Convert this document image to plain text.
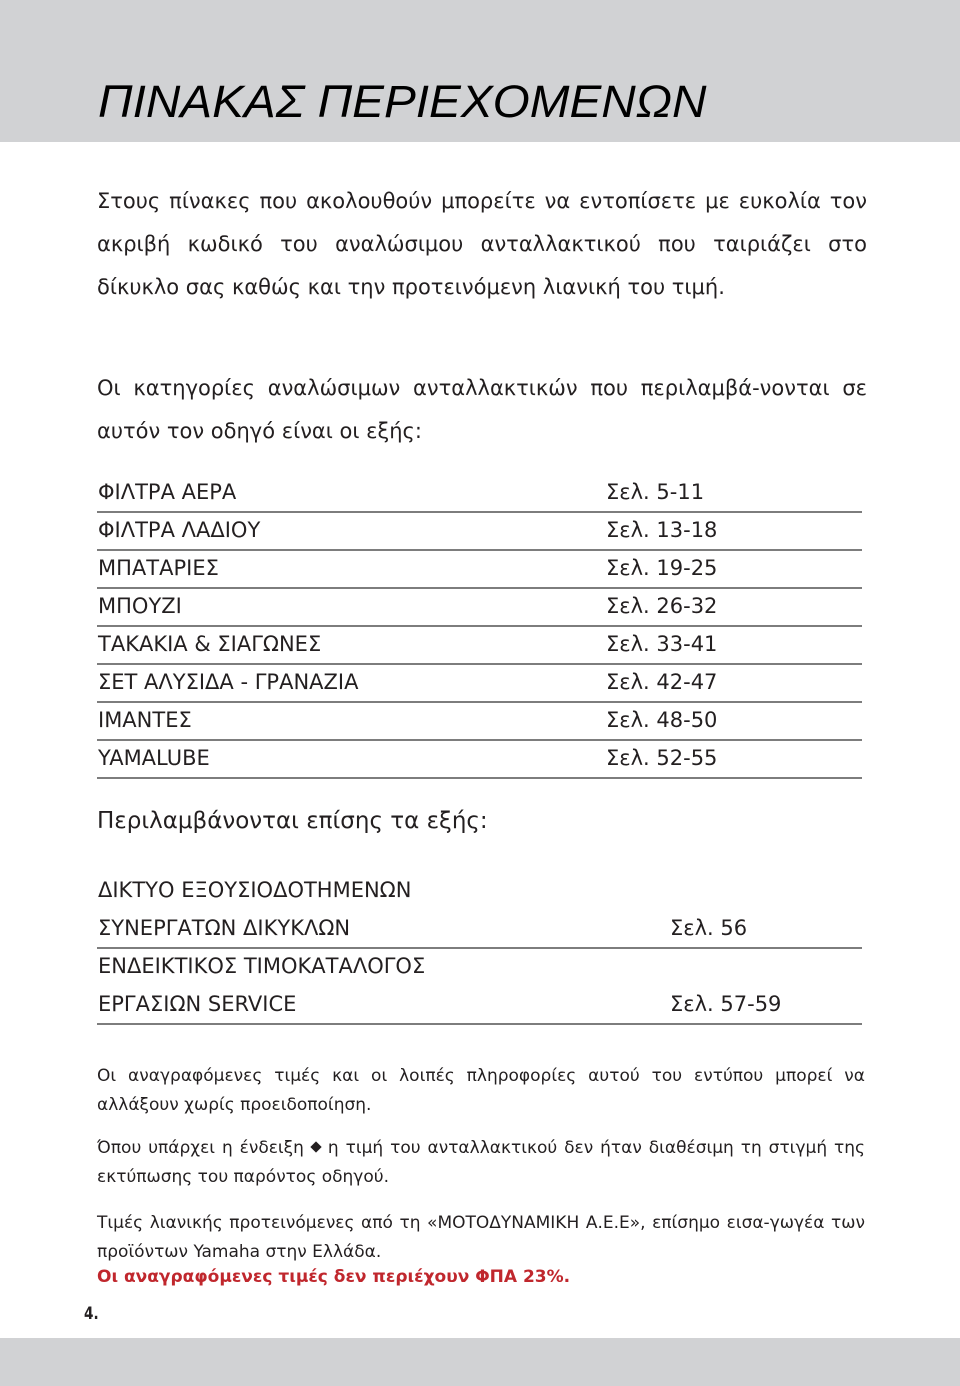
ΠΙΝΑΚΑΣ ΠΕΡΙΕΧΟΜΕΝΩΝ

Στους πίνακες που ακολουθούν μπορείτε να εντοπίσετε με ευκολία τον ακριβή κωδικό του αναλώσιμου ανταλλακτικού που ταιριάζει στο δίκυκλο σας καθώς και την προτεινόμενη λιανική του τιμή.

Οι κατηγορίες αναλώσιμων ανταλλακτικών που περιλαμβά-νονται σε αυτόν τον οδηγό είναι οι εξής:

ΦΙΛΤΡΑ ΑΕΡΑ	Σελ. 5-11
ΦΙΛΤΡΑ ΛΑΔΙΟΥ	Σελ. 13-18
ΜΠΑΤΑΡΙΕΣ	Σελ. 19-25
ΜΠΟΥΖΙ	Σελ. 26-32
ΤΑΚΑΚΙΑ & ΣΙΑΓΩΝΕΣ	Σελ. 33-41
ΣΕΤ ΑΛΥΣΙΔΑ - ΓΡΑΝΑΖΙΑ	Σελ. 42-47
ΙΜΑΝΤΕΣ	Σελ. 48-50
YAMALUBE	Σελ. 52-55
Περιλαμβάνονται επίσης τα εξής:
ΔΙΚΤΥΟ ΕΞΟΥΣΙΟΔΟΤΗΜΕΝΩΝ
ΣΥΝΕΡΓΑΤΩΝ ΔΙΚΥΚΛΩΝ	Σελ. 56
ΕΝΔΕΙΚΤΙΚΟΣ ΤΙΜΟΚΑΤΑΛΟΓΟΣ
ΕΡΓΑΣΙΩΝ SERVICE	Σελ. 57-59

Οι αναγραφόμενες τιμές και οι λοιπές πληροφορίες αυτού του εντύπου μπορεί να αλλάξουν χωρίς προειδοποίηση.

Όπου υπάρχει η ένδειξη η τιμή του ανταλλακτικού δεν ήταν διαθέσιμη τη στιγμή της εκτύπωσης του παρόντος οδηγού.

Τιμές λιανικής προτεινόμενες από τη «ΜΟΤΟΔΥΝΑΜΙΚΗ Α.Ε.Ε», επίσημο εισα-γωγέα των προϊόντων Yamaha στην Ελλάδα.

Οι αναγραφόμενες τιμές δεν περιέχουν ΦΠΑ 23%.

4.
